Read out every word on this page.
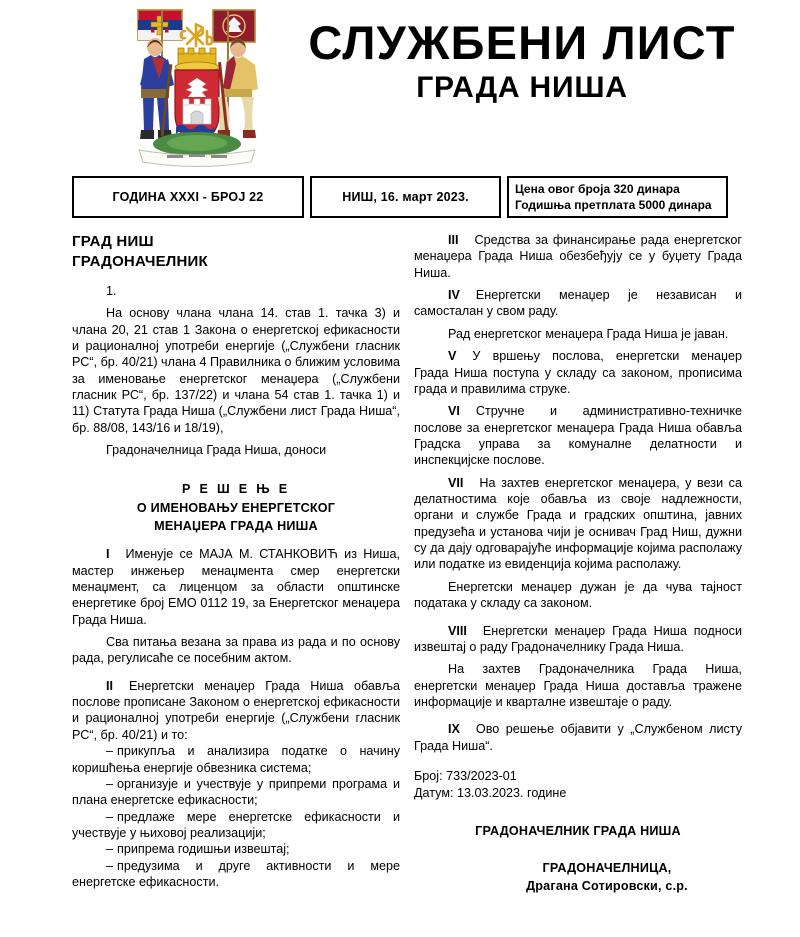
СЛУЖБЕНИ ЛИСТ
ГРАДА НИША
ГОДИНА XXXI - БРОЈ 22	НИШ, 16. март 2023.
Цена овог броја 320 динара
Годишња претплата 5000 динара
ГРАД НИШ
ГРАДОНАЧЕЛНИК

1.

На основу члана члана 14. став 1. тачка 3) и члана 20, 21 став 1 Закона о енергетској ефикасности и рационалној употреби енергије („Службени гласник РС“, бр. 40/21) члана 4 Правилника о ближим условима за именовање енергетског менаџера („Службени гласник РС“, бр. 137/22) и члана 54 став 1. тачка 1) и 11) Статута Града Ниша („Службени лист Града Ниша“, бр. 88/08, 143/16 и 18/19),

Градоначелница Града Ниша, доноси

Р Е Ш Е Њ Е
О ИМЕНОВАЊУ ЕНЕРГЕТСКОГ
МЕНАЏЕРА ГРАДА НИША

I Именује се МАЈА М. СТАНКОВИЋ из Ниша, мастер инжењер менаџмента смер енергетски менаџмент, са лиценцом за области општинске енергетике број ЕМО 0112 19, за Енергетског менаџера Града Ниша.

Сва питања везана за права из рада и по основу рада, регулисаће се посебним актом.

II Енергетски менаџер Града Ниша обавља послове прописане Законом о енергетској ефикасности и рационалној употреби енергије („Службени гласник РС“, бр. 40/21) и то:

– прикупља и анализира податке о начину коришћења енергије обвезника система;
– организује и учествује у припреми програма и плана енергетске ефикасности;
– предлаже мере енергетске ефикасности и учествује у њиховој реализацији;
– припрема годишњи извештај;
– предузима и друге активности и мере енергетске ефикасности.

III Средства за финансирање рада енергетског менаџера Града Ниша обезбеђују се у буџету Града Ниша.

IV Енергетски менаџер је независан и самосталан у свом раду.

Рад енергетског менаџера Града Ниша је јаван.

V У вршењу послова, енергетски менаџер Града Ниша поступа у складу са законом, прописима града и правилима струке.

VI Стручне и административно-техничке послове за енергетског менаџера Града Ниша обавља Градска управа за комуналне делатности и инспекцијске послове.

VII На захтев енергетског менаџера, у вези са делатностима које обавља из своје надлежности, органи и службе Града и градских општина, јавних предузећа и установа чији је оснивач Град Ниш, дужни су да дају одговарајуће информације којима располажу или податке из евиденција којима располажу.

Енергетски менаџер дужан је да чува тајност података у складу са законом.

VIII Енергетски менаџер Града Ниша подноси извештај о раду Градоначелнику Града Ниша.

На захтев Градоначелника Града Ниша, енергетски менаџер Града Ниша доставља тражене информације и кварталне извештаје о раду.

IX Ово решење објавити у „Службеном листу Града Ниша“.

Број: 733/2023-01
Датум: 13.03.2023. године
ГРАДОНАЧЕЛНИК ГРАДА НИША
ГРАДОНАЧЕЛНИЦА,
Драгана Сотировски, с.р.
